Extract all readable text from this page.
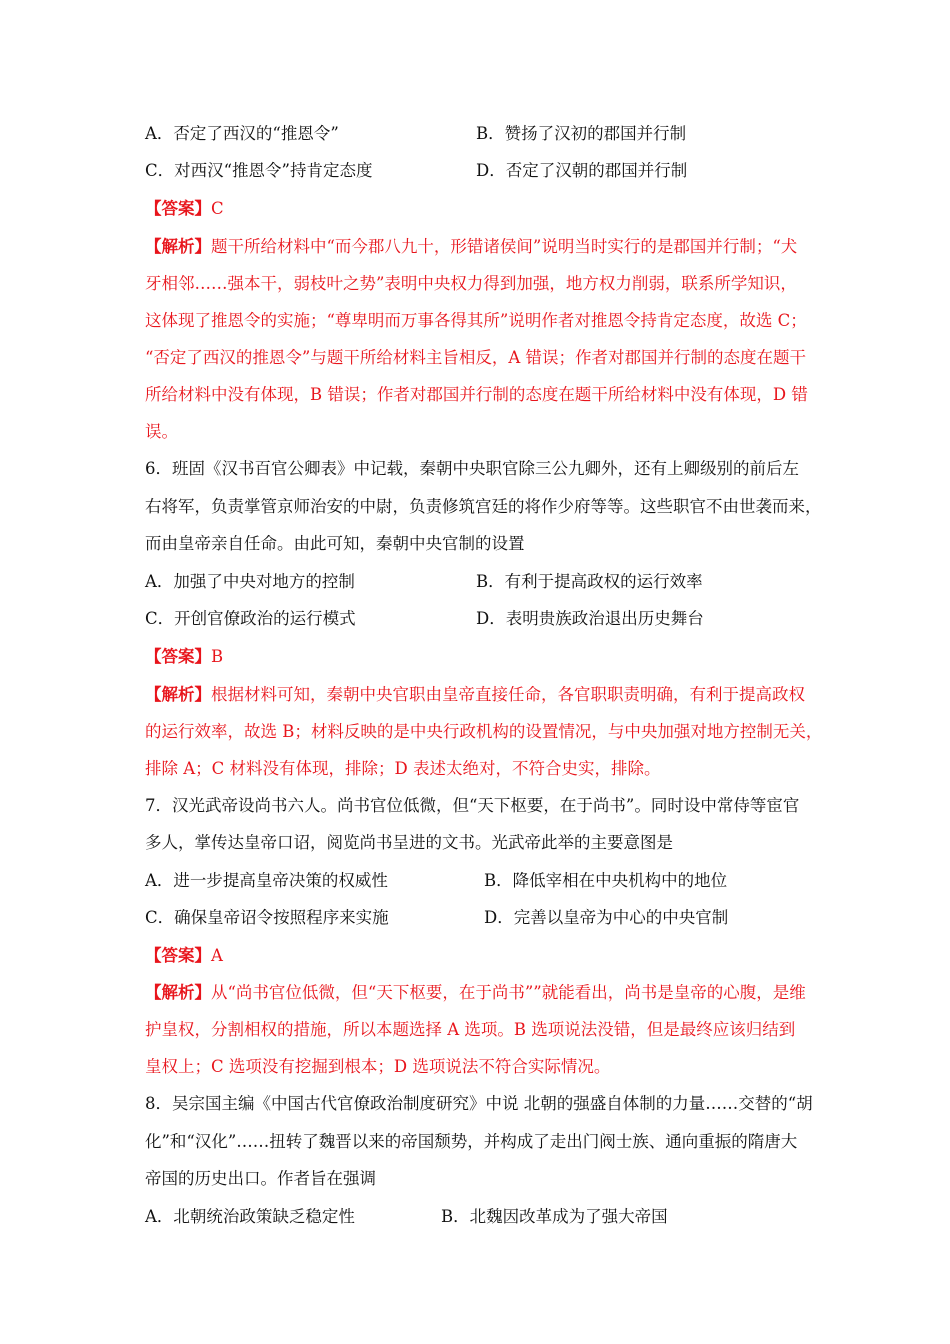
A．否定了西汉的“推恩令”	B．赞扬了汉初的郡国并行制
C．对西汉“推恩令”持肯定态度	D．否定了汉朝的郡国并行制
【答案】C
【解析】题干所给材料中“而今郡八九十，形错诸侯间”说明当时实行的是郡国并行制；“犬
牙相邻……强本干，弱枝叶之势”表明中央权力得到加强，地方权力削弱，联系所学知识，
这体现了推恩令的实施；“尊卑明而万事各得其所”说明作者对推恩令持肯定态度，故选 C；
“否定了西汉的推恩令”与题干所给材料主旨相反，A 错误；作者对郡国并行制的态度在题干
所给材料中没有体现，B 错误；作者对郡国并行制的态度在题干所给材料中没有体现，D 错
误。
6．班固《汉书百官公卿表》中记载，秦朝中央职官除三公九卿外，还有上卿级别的前后左
右将军，负责掌管京师治安的中尉，负责修筑宫廷的将作少府等等。这些职官不由世袭而来，
而由皇帝亲自任命。由此可知，秦朝中央官制的设置
A．加强了中央对地方的控制	B．有利于提高政权的运行效率
C．开创官僚政治的运行模式	D．表明贵族政治退出历史舞台
【答案】B
【解析】根据材料可知，秦朝中央官职由皇帝直接任命，各官职职责明确，有利于提高政权
的运行效率，故选 B；材料反映的是中央行政机构的设置情况，与中央加强对地方控制无关，
排除 A；C 材料没有体现，排除；D 表述太绝对，不符合史实，排除。
7．汉光武帝设尚书六人。尚书官位低微，但“天下枢要，在于尚书”。同时设中常侍等宦官
多人，掌传达皇帝口诏，阅览尚书呈进的文书。光武帝此举的主要意图是
A．进一步提高皇帝决策的权威性	B．降低宰相在中央机构中的地位
C．确保皇帝诏令按照程序来实施	D．完善以皇帝为中心的中央官制
【答案】A
【解析】从“尚书官位低微，但“天下枢要，在于尚书””就能看出，尚书是皇帝的心腹，是维
护皇权，分割相权的措施，所以本题选择 A 选项。B 选项说法没错，但是最终应该归结到
皇权上；C 选项没有挖掘到根本；D 选项说法不符合实际情况。
8．吴宗国主编《中国古代官僚政治制度研究》中说 北朝的强盛自体制的力量……交替的“胡
化”和“汉化”……扭转了魏晋以来的帝国颓势，并构成了走出门阀士族、通向重振的隋唐大
帝国的历史出口。作者旨在强调
A．北朝统治政策缺乏稳定性	B．北魏因改革成为了强大帝国
